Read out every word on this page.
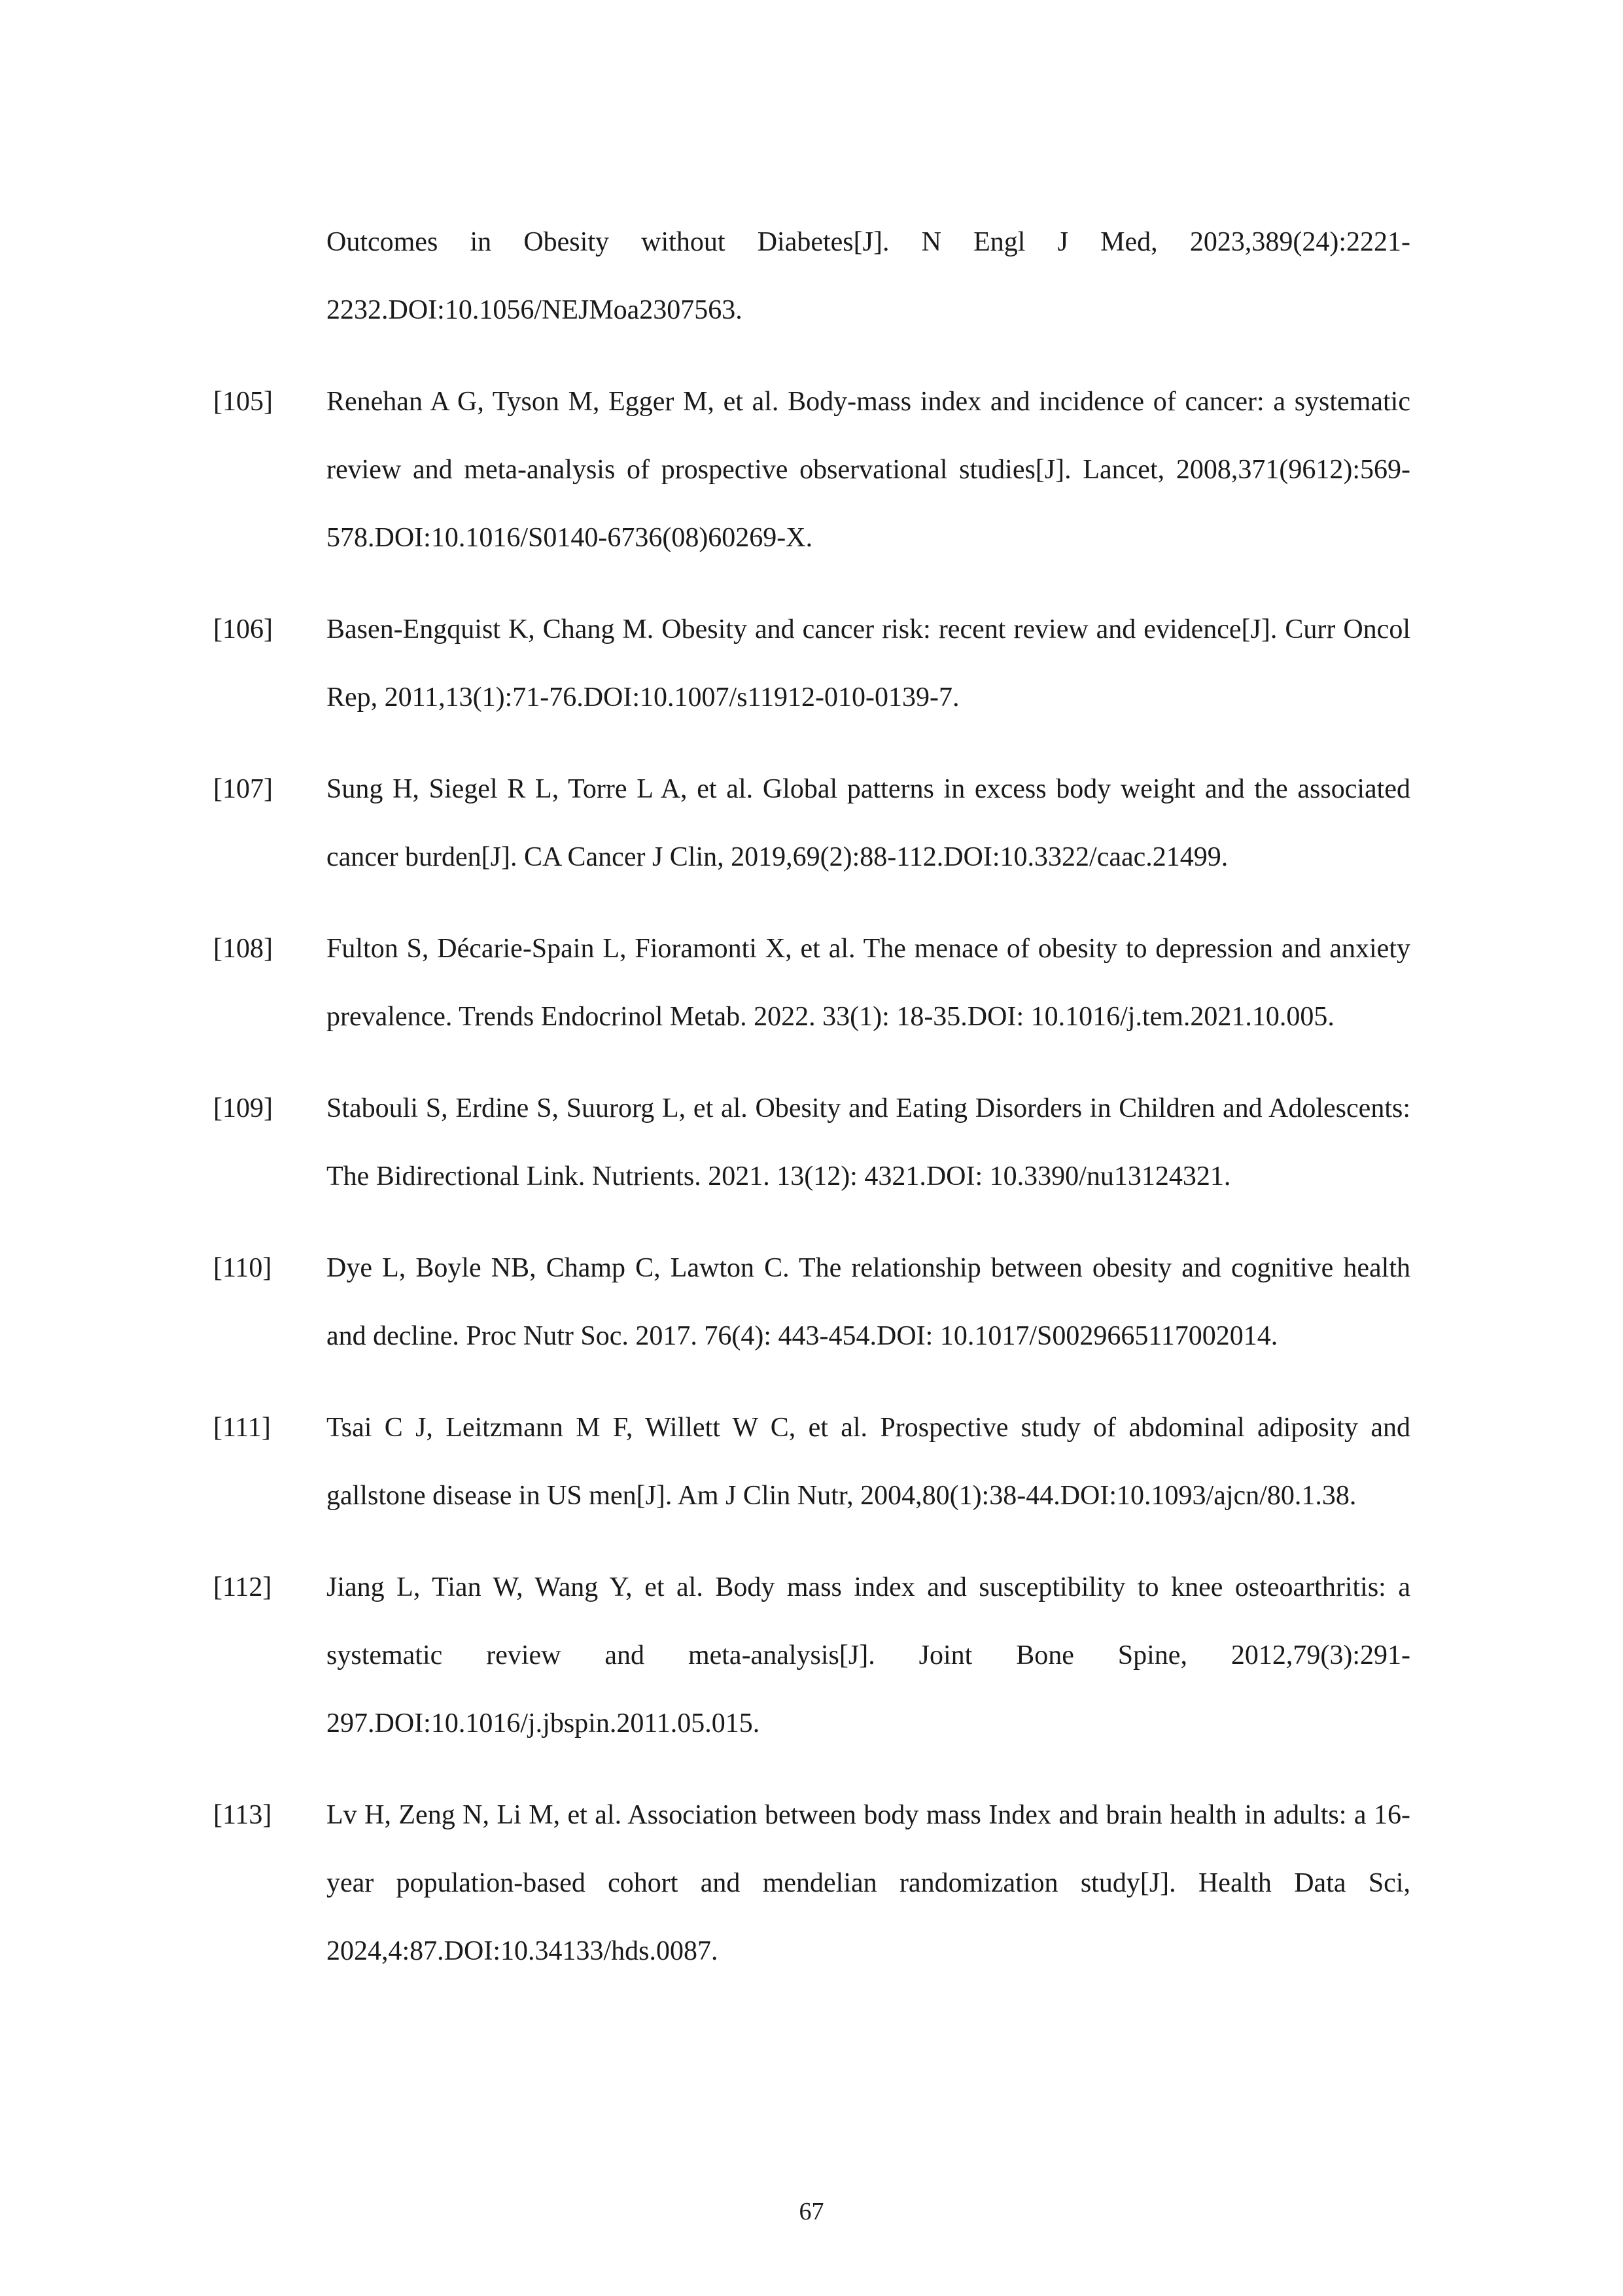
Outcomes in Obesity without Diabetes[J]. N Engl J Med, 2023,389(24):2221-2232.DOI:10.1056/NEJMoa2307563.
[105]	Renehan A G, Tyson M, Egger M, et al. Body-mass index and incidence of cancer: a systematic review and meta-analysis of prospective observational studies[J]. Lancet, 2008,371(9612):569-578.DOI:10.1016/S0140-6736(08)60269-X.
[106]	Basen-Engquist K, Chang M. Obesity and cancer risk: recent review and evidence[J]. Curr Oncol Rep, 2011,13(1):71-76.DOI:10.1007/s11912-010-0139-7.
[107]	Sung H, Siegel R L, Torre L A, et al. Global patterns in excess body weight and the associated cancer burden[J]. CA Cancer J Clin, 2019,69(2):88-112.DOI:10.3322/caac.21499.
[108]	Fulton S, Décarie-Spain L, Fioramonti X, et al. The menace of obesity to depression and anxiety prevalence. Trends Endocrinol Metab. 2022. 33(1): 18-35.DOI: 10.1016/j.tem.2021.10.005.
[109]	Stabouli S, Erdine S, Suurorg L, et al. Obesity and Eating Disorders in Children and Adolescents: The Bidirectional Link. Nutrients. 2021. 13(12): 4321.DOI: 10.3390/nu13124321.
[110]	Dye L, Boyle NB, Champ C, Lawton C. The relationship between obesity and cognitive health and decline. Proc Nutr Soc. 2017. 76(4): 443-454.DOI: 10.1017/S0029665117002014.
[111]	Tsai C J, Leitzmann M F, Willett W C, et al. Prospective study of abdominal adiposity and gallstone disease in US men[J]. Am J Clin Nutr, 2004,80(1):38-44.DOI:10.1093/ajcn/80.1.38.
[112]	Jiang L, Tian W, Wang Y, et al. Body mass index and susceptibility to knee osteoarthritis: a systematic review and meta-analysis[J]. Joint Bone Spine, 2012,79(3):291-297.DOI:10.1016/j.jbspin.2011.05.015.
[113]	Lv H, Zeng N, Li M, et al. Association between body mass Index and brain health in adults: a 16-year population-based cohort and mendelian randomization study[J]. Health Data Sci, 2024,4:87.DOI:10.34133/hds.0087.
67
